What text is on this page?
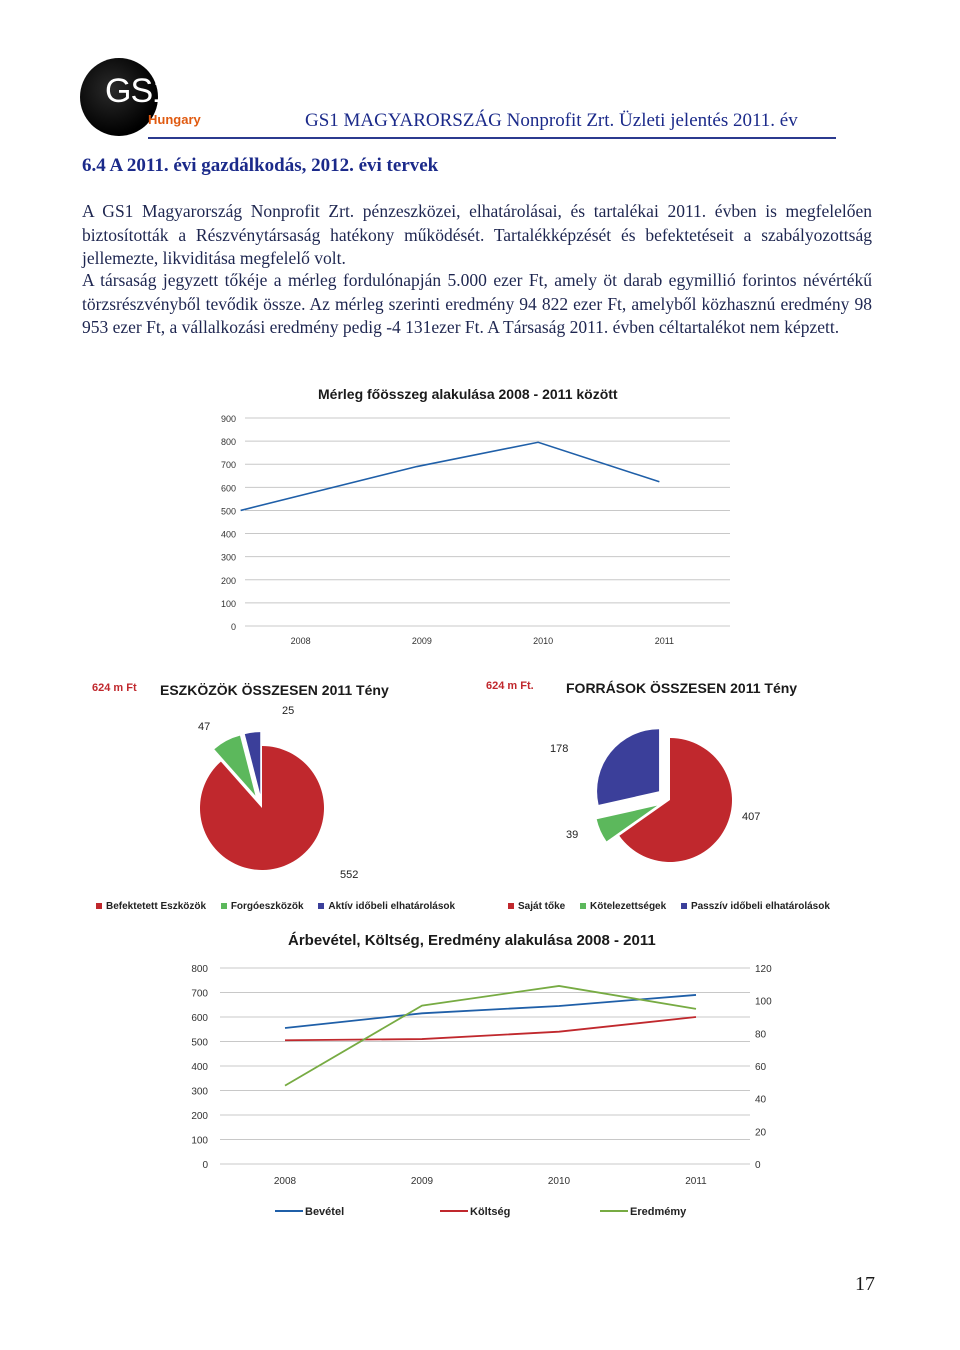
GS1
Hungary	GS1 MAGYARORSZÁG Nonprofit Zrt. Üzleti jelentés 2011. év
6.4 A 2011. évi gazdálkodás, 2012. évi tervek
A GS1 Magyarország Nonprofit Zrt. pénzeszközei, elhatárolásai, és tartalékai 2011. évben is megfelelően biztosították a Részvénytársaság hatékony működését. Tartalékképzését és befektetéseit a szabályozottság jellemezte, likviditása megfelelő volt.
A társaság jegyzett tőkéje a mérleg fordulónapján 5.000 ezer Ft, amely öt darab egymillió forintos névértékű törzsrészvényből tevődik össze. Az mérleg szerinti eredmény 94 822 ezer Ft, amelyből közhasznú eredmény 98 953 ezer Ft, a vállalkozási eredmény pedig -4 131ezer Ft. A Társaság 2011. évben céltartalékot nem képzett.
Mérleg főösszeg alakulása 2008 - 2011 között
0
100
200
300
400
500
600
700
800
900
2008	2009	2010	2011
624 m Ft ESZKÖZÖK ÖSSZESEN 2011 Tény
552
47
25
624 m Ft. FORRÁSOK ÖSSZESEN 2011 Tény
407
39
178
Befektetett Eszközök Forgóeszközök Aktív időbeli elhatárolások	Saját tőke Kötelezettségek Passzív időbeli elhatárolások
Árbevétel, Költség, Eredmény alakulása 2008 - 2011
0
100
200
300
400
500
600
700
800
0
20
40
60
80
100
120
2008	2009	2010	2011
Bevétel	Költség	Eredmémy
17
